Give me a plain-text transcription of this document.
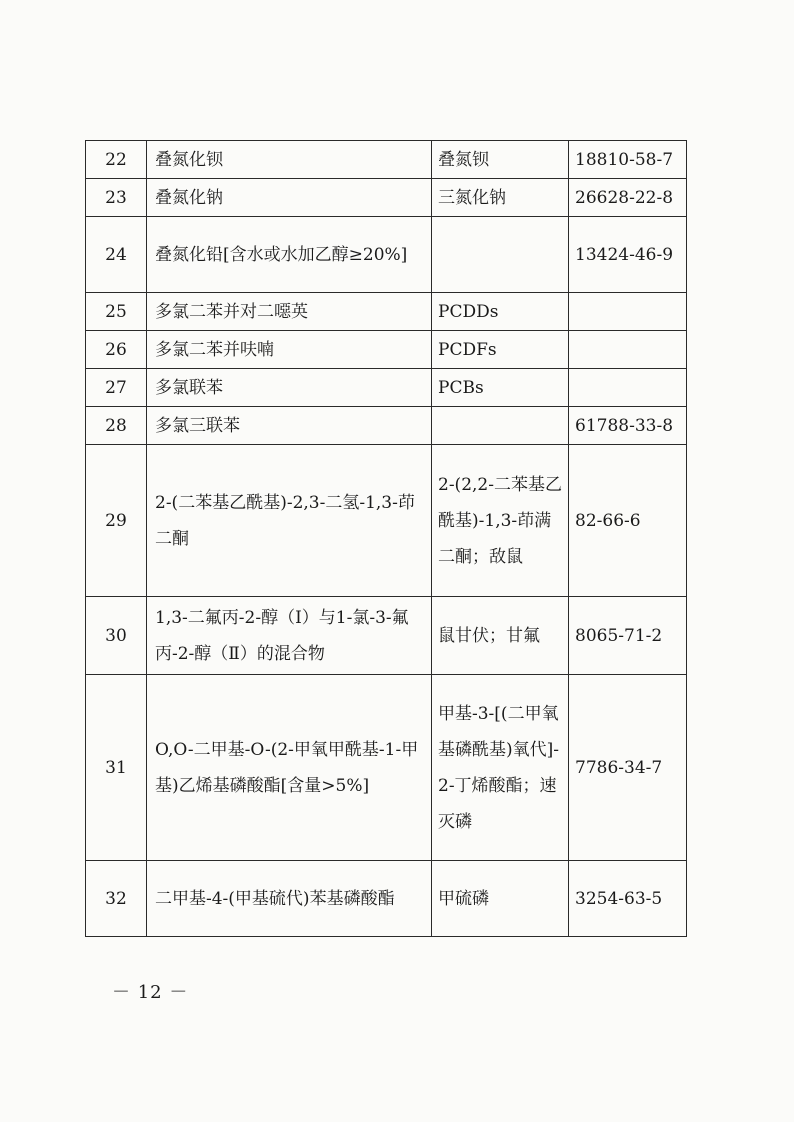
22	叠氮化钡	叠氮钡	18810-58-7
23	叠氮化钠	三氮化钠	26628-22-8
24	叠氮化铅[含水或水加乙醇≥20%]		13424-46-9
25	多氯二苯并对二噁英	PCDDs	
26	多氯二苯并呋喃	PCDFs	
27	多氯联苯	PCBs	
28	多氯三联苯		61788-33-8
29	2-(二苯基乙酰基)-2,3-二氢-1,3-茚二酮	2-(2,2-二苯基乙酰基)-1,3-茚满二酮；敌鼠	82-66-6
30	1,3-二氟丙-2-醇（Ⅰ）与1-氯-3-氟丙-2-醇（Ⅱ）的混合物	鼠甘伏；甘氟	8065-71-2
31	O,O-二甲基-O-(2-甲氧甲酰基-1-甲基)乙烯基磷酸酯[含量>5%]	甲基-3-[(二甲氧基磷酰基)氧代]-2-丁烯酸酯；速灭磷	7786-34-7
32	二甲基-4-(甲基硫代)苯基磷酸酯	甲硫磷	3254-63-5
－ 12 －
